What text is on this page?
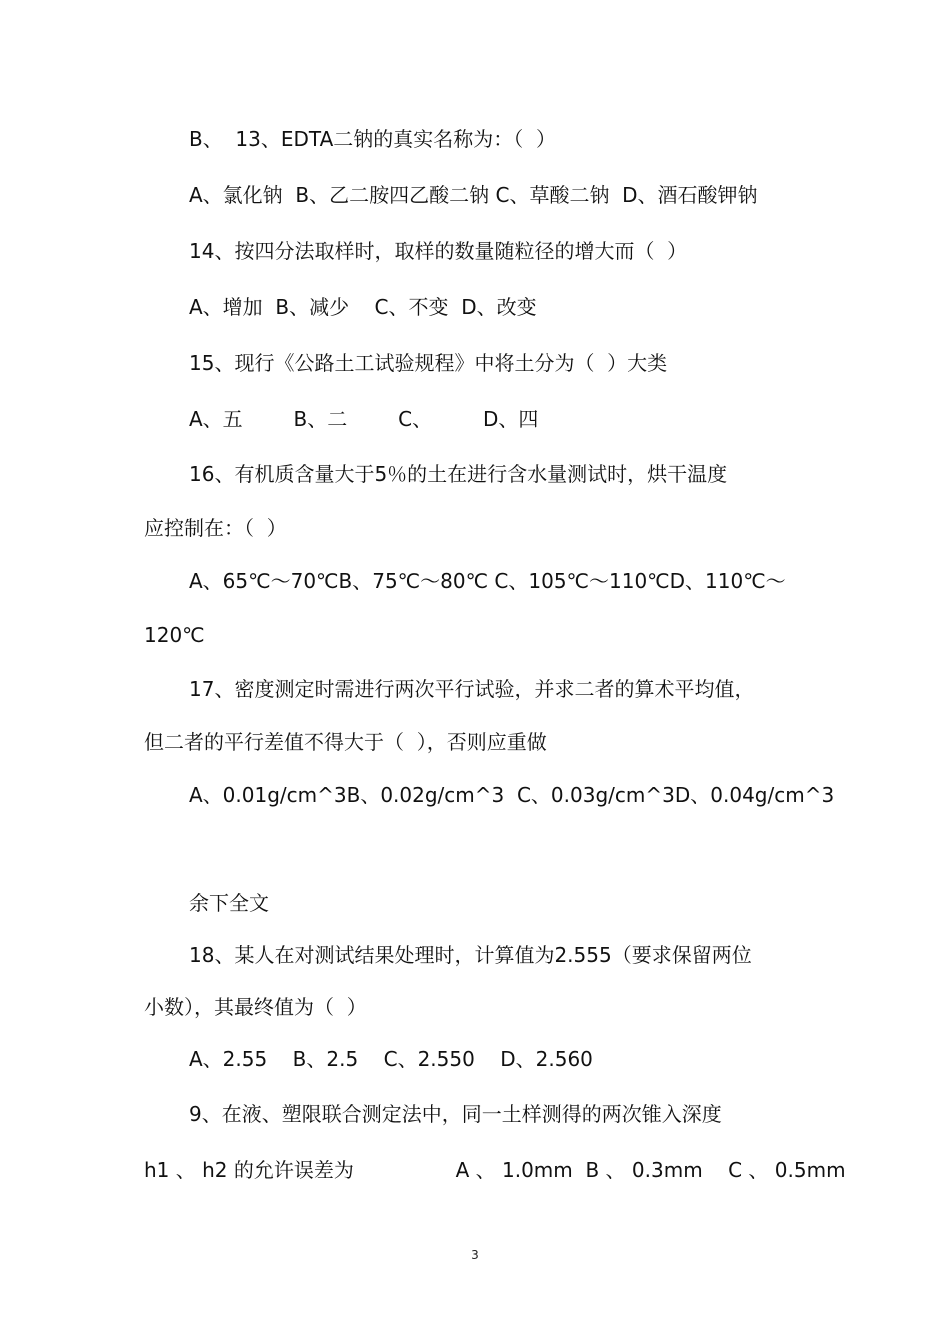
B、  13、EDTA二钠的真实名称为：（  ）
A、氯化钠  B、乙二胺四乙酸二钠 C、草酸二钠  D、酒石酸钾钠
14、按四分法取样时，取样的数量随粒径的增大而（  ）
A、增加  B、减少    C、不变  D、改变
15、现行《公路土工试验规程》中将土分为（  ）大类
A、五        B、二        C、        D、四
16、有机质含量大于5％的土在进行含水量测试时，烘干温度
应控制在：（  ）
A、65℃～70℃B、75℃～80℃ C、105℃～110℃D、110℃～
120℃
17、密度测定时需进行两次平行试验，并求二者的算术平均值，
但二者的平行差值不得大于（  ），否则应重做
A、0.01g/cm^3B、0.02g/cm^3  C、0.03g/cm^3D、0.04g/cm^3
余下全文
18、某人在对测试结果处理时，计算值为2.555（要求保留两位
小数），其最终值为（  ）
A、2.55    B、2.5    C、2.550    D、2.560
9、在液、塑限联合测定法中，同一土样测得的两次锥入深度
h1 、 h2 的允许误差为                A 、 1.0mm  B 、 0.3mm    C 、 0.5mm
3
